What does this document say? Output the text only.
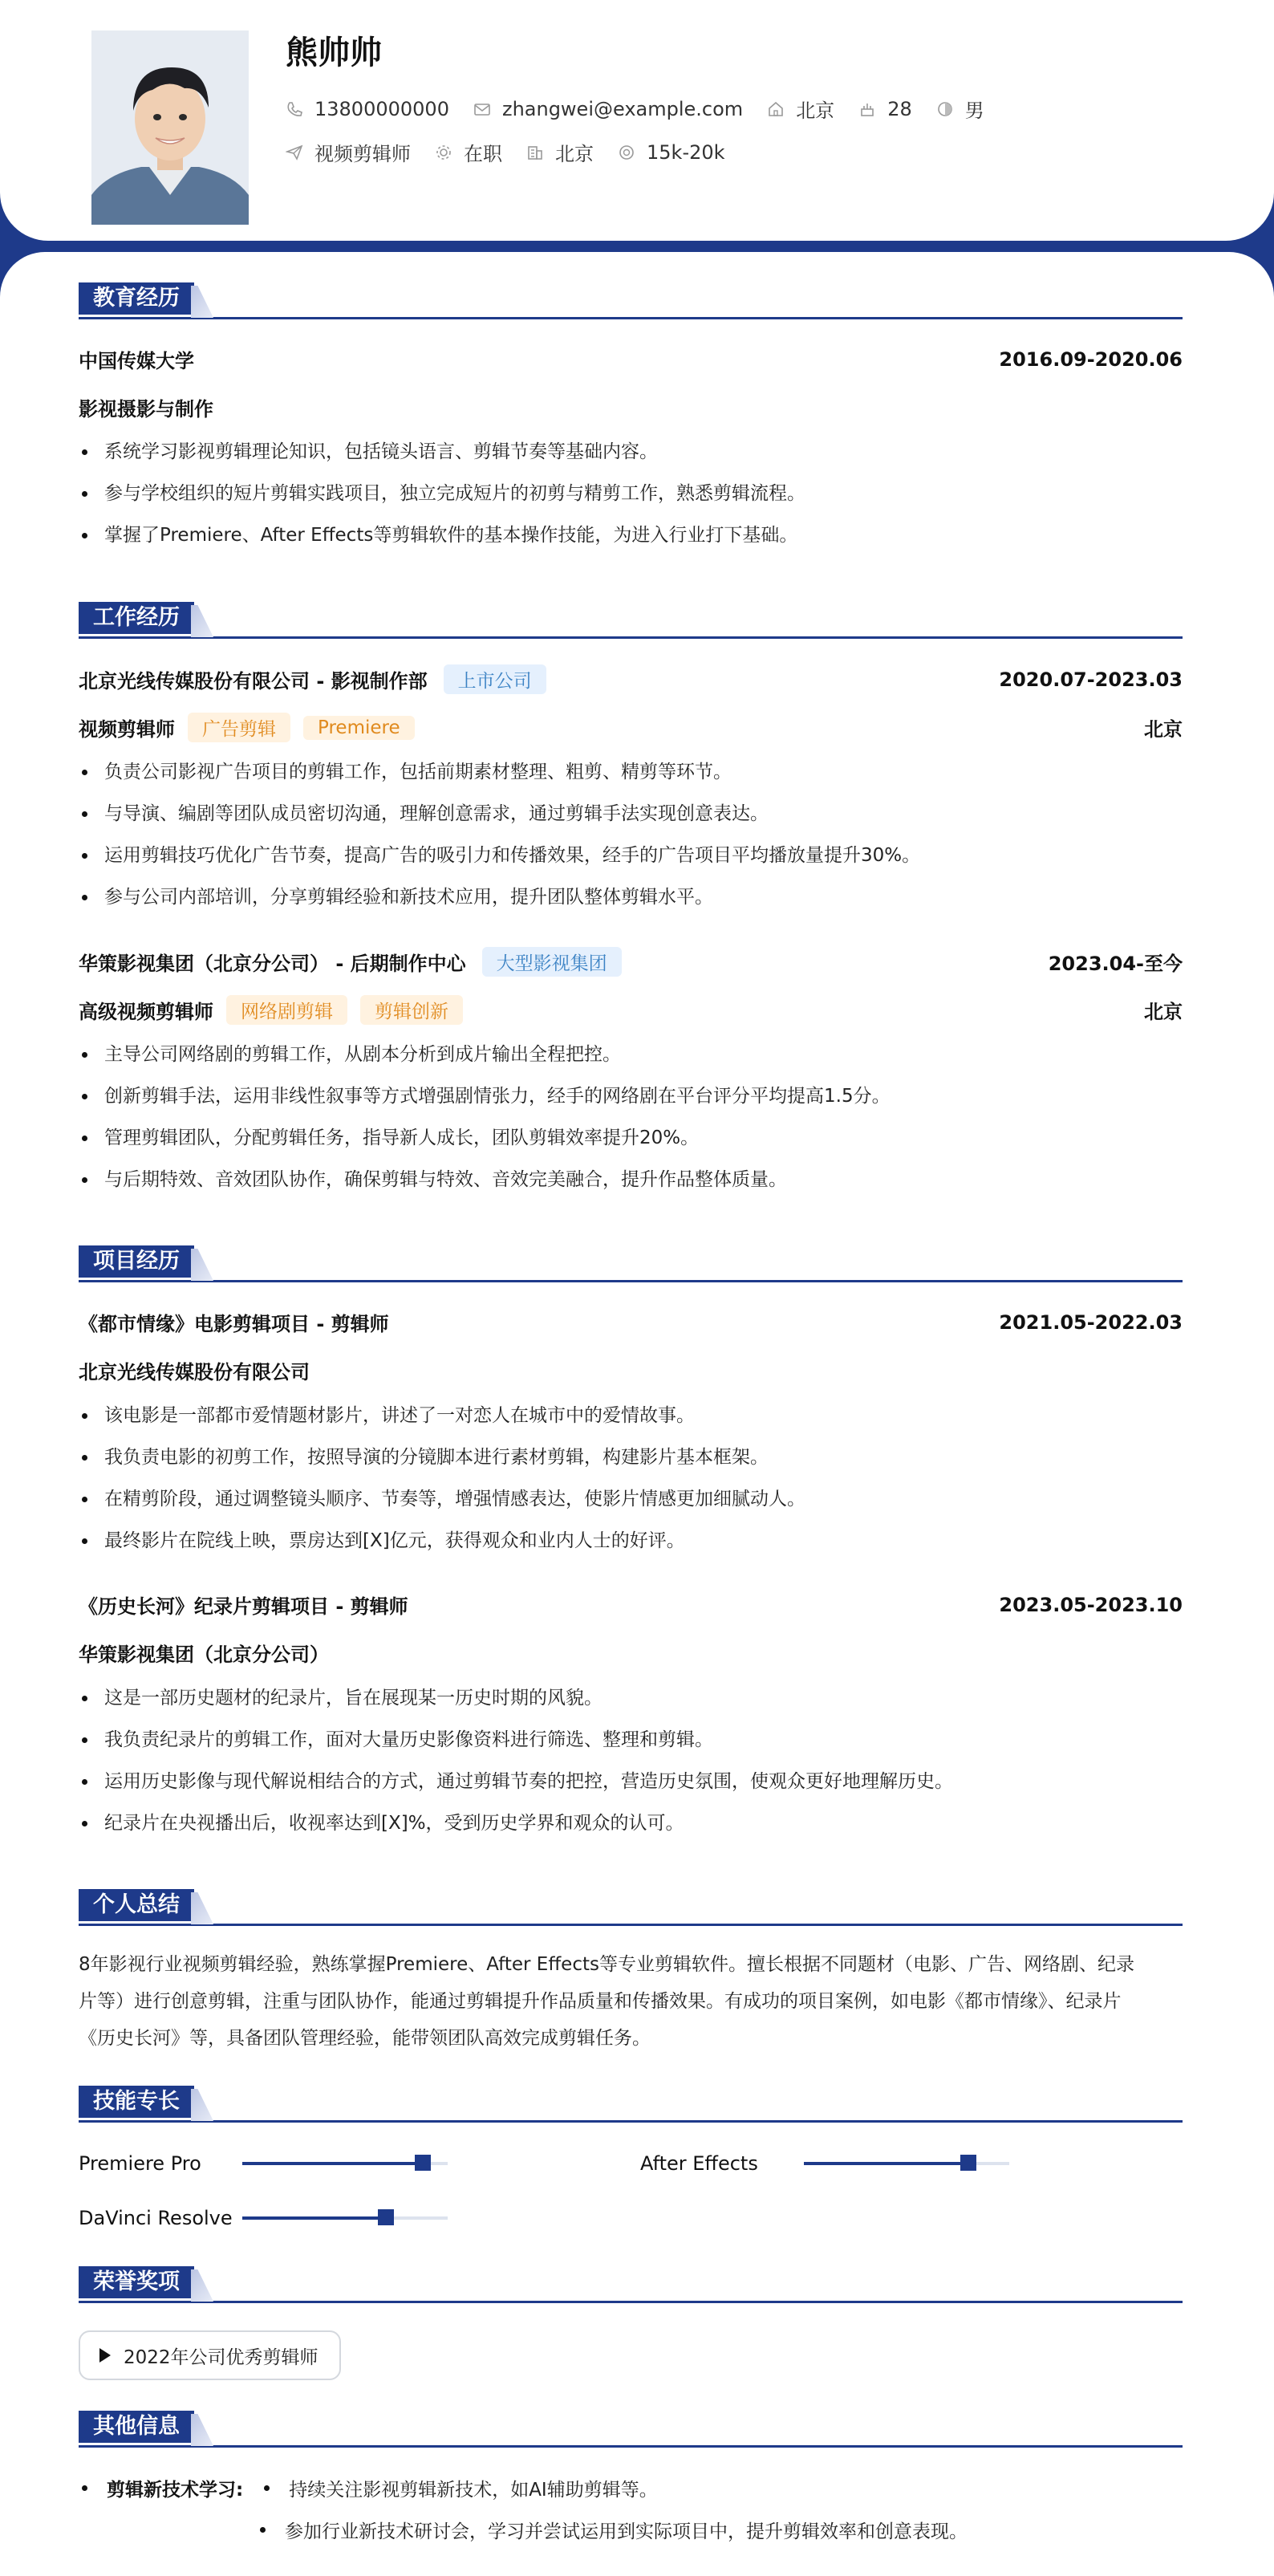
熊帅帅
13800000000	zhangwei@example.com	北京	28	男
视频剪辑师	在职	北京	15k-20k
教育经历
中国传媒大学	2016.09-2020.06
影视摄影与制作
系统学习影视剪辑理论知识，包括镜头语言、剪辑节奏等基础内容。
参与学校组织的短片剪辑实践项目，独立完成短片的初剪与精剪工作，熟悉剪辑流程。
掌握了Premiere、After Effects等剪辑软件的基本操作技能，为进入行业打下基础。
工作经历
北京光线传媒股份有限公司 - 影视制作部	上市公司	2020.07-2023.03
视频剪辑师	广告剪辑	Premiere	北京
负责公司影视广告项目的剪辑工作，包括前期素材整理、粗剪、精剪等环节。
与导演、编剧等团队成员密切沟通，理解创意需求，通过剪辑手法实现创意表达。
运用剪辑技巧优化广告节奏，提高广告的吸引力和传播效果，经手的广告项目平均播放量提升30%。
参与公司内部培训，分享剪辑经验和新技术应用，提升团队整体剪辑水平。
华策影视集团（北京分公司） - 后期制作中心	大型影视集团	2023.04-至今
高级视频剪辑师	网络剧剪辑	剪辑创新	北京
主导公司网络剧的剪辑工作，从剧本分析到成片输出全程把控。
创新剪辑手法，运用非线性叙事等方式增强剧情张力，经手的网络剧在平台评分平均提高1.5分。
管理剪辑团队，分配剪辑任务，指导新人成长，团队剪辑效率提升20%。
与后期特效、音效团队协作，确保剪辑与特效、音效完美融合，提升作品整体质量。
项目经历
《都市情缘》电影剪辑项目 - 剪辑师	2021.05-2022.03
北京光线传媒股份有限公司
该电影是一部都市爱情题材影片，讲述了一对恋人在城市中的爱情故事。
我负责电影的初剪工作，按照导演的分镜脚本进行素材剪辑，构建影片基本框架。
在精剪阶段，通过调整镜头顺序、节奏等，增强情感表达，使影片情感更加细腻动人。
最终影片在院线上映，票房达到[X]亿元，获得观众和业内人士的好评。
《历史长河》纪录片剪辑项目 - 剪辑师	2023.05-2023.10
华策影视集团（北京分公司）
这是一部历史题材的纪录片，旨在展现某一历史时期的风貌。
我负责纪录片的剪辑工作，面对大量历史影像资料进行筛选、整理和剪辑。
运用历史影像与现代解说相结合的方式，通过剪辑节奏的把控，营造历史氛围，使观众更好地理解历史。
纪录片在央视播出后，收视率达到[X]%，受到历史学界和观众的认可。
个人总结
8年影视行业视频剪辑经验，熟练掌握Premiere、After Effects等专业剪辑软件。擅长根据不同题材（电影、广告、网络剧、纪录
片等）进行创意剪辑，注重与团队协作，能通过剪辑提升作品质量和传播效果。有成功的项目案例，如电影《都市情缘》、纪录片
《历史长河》等，具备团队管理经验，能带领团队高效完成剪辑任务。
技能专长
Premiere Pro	After Effects
DaVinci Resolve
荣誉奖项
2022年公司优秀剪辑师
其他信息
剪辑新技术学习: 持续关注影视剪辑新技术，如AI辅助剪辑等。
参加行业新技术研讨会，学习并尝试运用到实际项目中，提升剪辑效率和创意表现。
